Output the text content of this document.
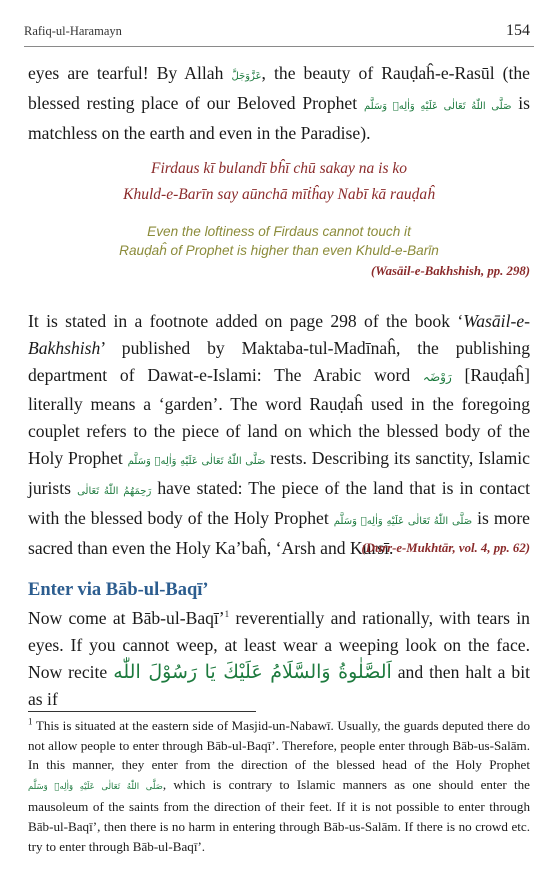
Rafiq-ul-Haramayn	154
eyes are tearful! By Allah عَزَّوَجَلَّ, the beauty of Rauḍaĥ-e-Rasūl (the blessed resting place of our Beloved Prophet صَلَّى اللّٰهُ تَعَالٰى عَلَيْهِ وَاٰلِهٖ وَسَلَّم is matchless on the earth and even in the Paradise).
Firdaus kī bulandī bĥī chū sakay na is ko
Khuld-e-Barīn say aūnchā mīṫĥay Nabī kā rauḍaĥ
Even the loftiness of Firdaus cannot touch it
Rauḍaĥ of Prophet is higher than even Khuld-e-Barīn
(Wasāil-e-Bakhshish, pp. 298)
It is stated in a footnote added on page 298 of the book ‘Wasāil-e-Bakhshish’ published by Maktaba-tul-Madīnaĥ, the publishing department of Dawat-e-Islami: The Arabic word رَوْضَہ [Rauḍaĥ] literally means a ‘garden’. The word Rauḍaĥ used in the foregoing couplet refers to the piece of land on which the blessed body of the Holy Prophet صَلَّى اللّٰهُ تَعَالٰى عَلَيْهِ وَاٰلِهٖ وَسَلَّم rests. Describing its sanctity, Islamic jurists رَحِمَهُمُ اللّٰهُ تَعَالٰى have stated: The piece of the land that is in contact with the blessed body of the Holy Prophet صَلَّى اللّٰهُ تَعَالٰى عَلَيْهِ وَاٰلِهٖ وَسَلَّم is more sacred than even the Holy Ka’baĥ, ‘Arsh and Kursī.
(Durr-e-Mukhtār, vol. 4, pp. 62)
Enter via Bāb-ul-Baqī’
Now come at Bāb-ul-Baqī’$^1$ reverentially and rationally, with tears in eyes. If you cannot weep, at least wear a weeping look on the face. Now recite اَلصَّلٰوةُ وَالسَّلَامُ عَلَيْكَ يَا رَسُوْلَ اللّٰه and then halt a bit as if
$^1$ This is situated at the eastern side of Masjid-un-Nabawī. Usually, the guards deputed there do not allow people to enter through Bāb-ul-Baqī’. Therefore, people enter through Bāb-us-Salām. In this manner, they enter from the direction of the blessed head of the Holy Prophet صَلَّى اللّٰهُ تَعَالٰى عَلَيْهِ وَاٰلِهٖ وَسَلَّم, which is contrary to Islamic manners as one should enter the mausoleum of the saints from the direction of their feet. If it is not possible to enter through Bāb-ul-Baqī’, then there is no harm in entering through Bāb-us-Salām. If there is no crowd etc. try to enter through Bāb-ul-Baqī’.
